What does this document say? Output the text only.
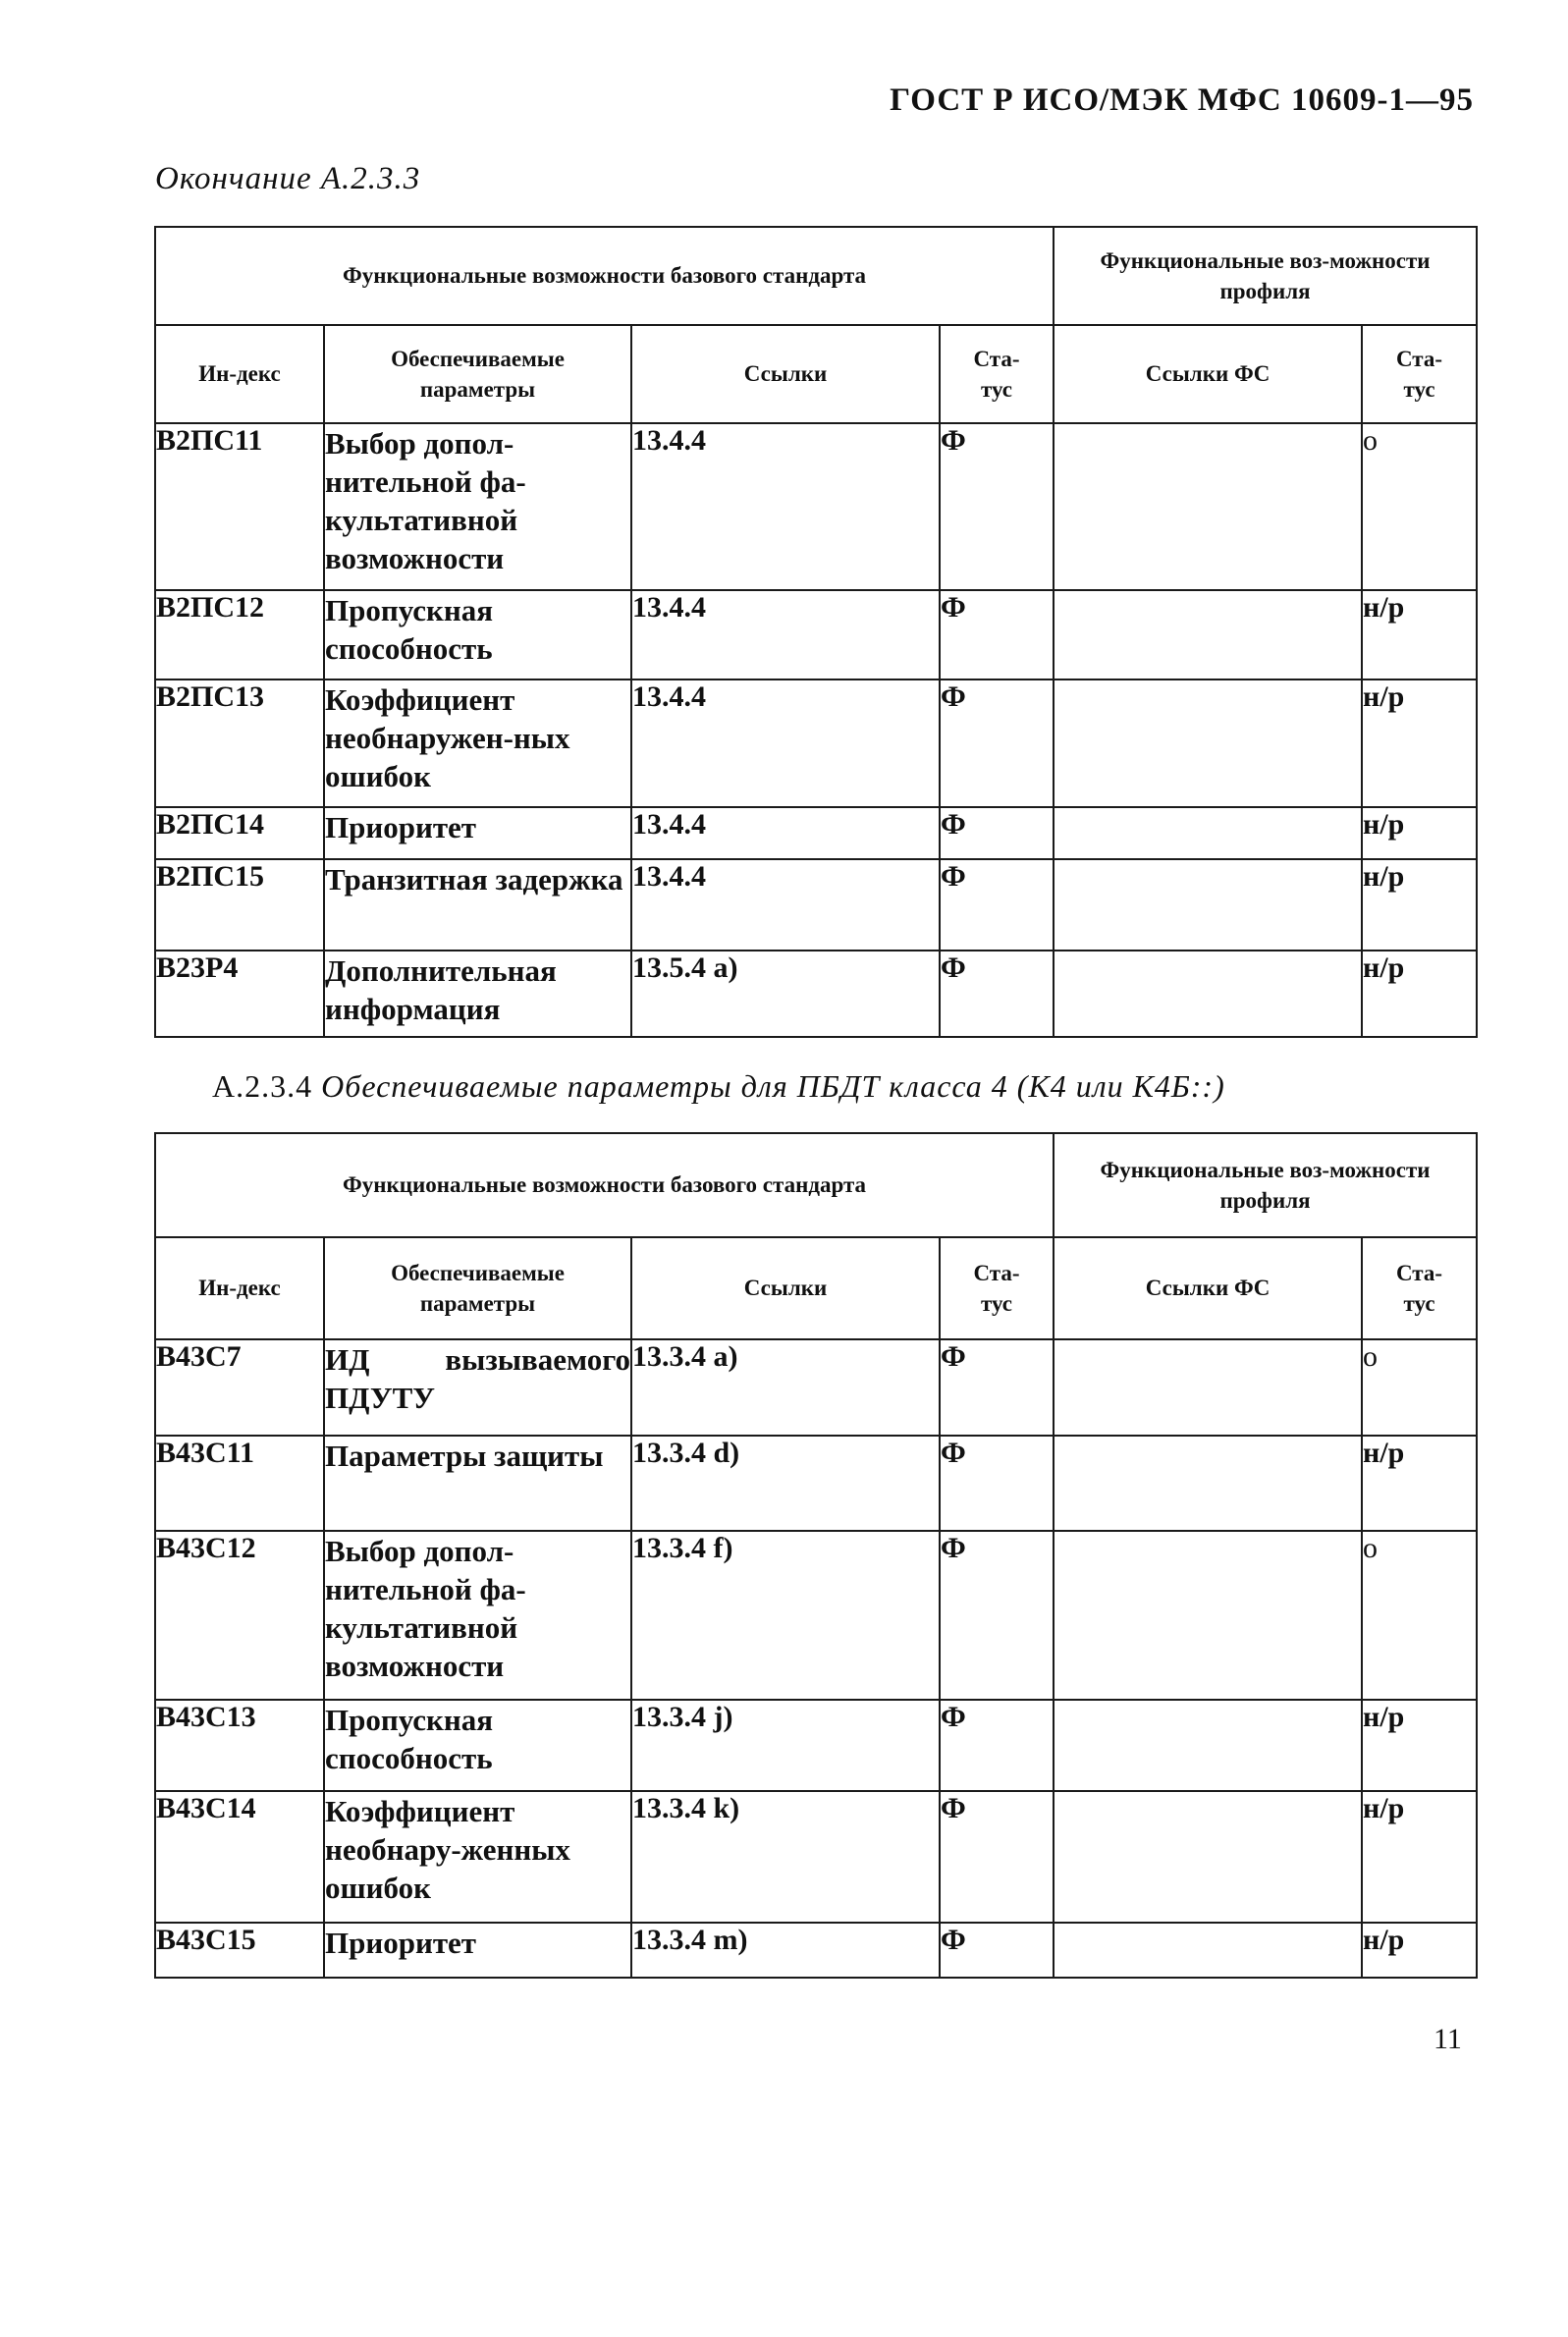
ГОСТ Р ИСО/МЭК МФС 10609-1—95
Окончание А.2.3.3
Функциональные возможности базового стандарта				Функциональные воз-можности профиля	
Ин-декс	Обеспечиваемые параметры	Ссылки	Ста-тус	Ссылки ФС	Ста-тус
В2ПС11	Выбор допол-нительной фа-культативной возможности	13.4.4	Ф		о
В2ПС12	Пропускная способность	13.4.4	Ф		н/р
В2ПС13	Коэффициент необнаружен-ных ошибок	13.4.4	Ф		н/р
В2ПС14	Приоритет	13.4.4	Ф		н/р
В2ПС15	Транзитная задержка	13.4.4	Ф		н/р
В23Р4	Дополнительная информация	13.5.4 a)	Ф		н/р
А.2.3.4 Обеспечиваемые параметры для ПБДТ класса 4 (К4 или К4Б::)
Функциональные возможности базового стандарта				Функциональные воз-можности профиля	
Ин-декс	Обеспечиваемые параметры	Ссылки	Ста-тус	Ссылки ФС	Ста-тус
В43С7	ИД вызываемого ПДУТУ	13.3.4 a)	Ф		о
В43С11	Параметры защиты	13.3.4 d)	Ф		н/р
В43С12	Выбор допол-нительной фа-культативной возможности	13.3.4 f)	Ф		о
В43С13	Пропускная способность	13.3.4 j)	Ф		н/р
В43С14	Коэффициент необнару-женных ошибок	13.3.4 k)	Ф		н/р
В43С15	Приоритет	13.3.4 m)	Ф		н/р
11
